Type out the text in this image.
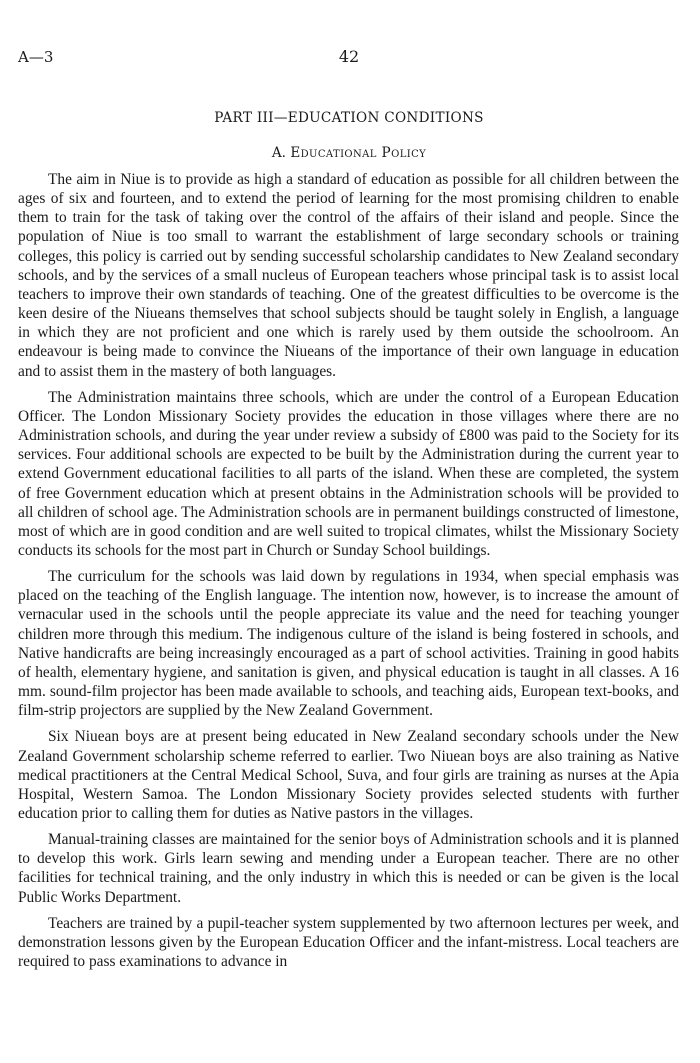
A—3	42
PART III—EDUCATION CONDITIONS
A. Educational Policy

The aim in Niue is to provide as high a standard of education as possible for all children between the ages of six and fourteen, and to extend the period of learning for the most promising children to enable them to train for the task of taking over the control of the affairs of their island and people. Since the population of Niue is too small to warrant the establishment of large secondary schools or training colleges, this policy is carried out by sending successful scholarship candidates to New Zealand secondary schools, and by the services of a small nucleus of European teachers whose principal task is to assist local teachers to improve their own standards of teaching. One of the greatest difficulties to be overcome is the keen desire of the Niueans themselves that school subjects should be taught solely in English, a language in which they are not proficient and one which is rarely used by them outside the schoolroom. An endeavour is being made to convince the Niueans of the importance of their own language in education and to assist them in the mastery of both languages.

The Administration maintains three schools, which are under the control of a European Education Officer. The London Missionary Society provides the education in those villages where there are no Administration schools, and during the year under review a subsidy of £800 was paid to the Society for its services. Four additional schools are expected to be built by the Administration during the current year to extend Government educational facilities to all parts of the island. When these are completed, the system of free Government education which at present obtains in the Administration schools will be provided to all children of school age. The Administration schools are in permanent buildings constructed of limestone, most of which are in good condition and are well suited to tropical climates, whilst the Missionary Society conducts its schools for the most part in Church or Sunday School buildings.

The curriculum for the schools was laid down by regulations in 1934, when special emphasis was placed on the teaching of the English language. The intention now, however, is to increase the amount of vernacular used in the schools until the people appreciate its value and the need for teaching younger children more through this medium. The indigenous culture of the island is being fostered in schools, and Native handicrafts are being increasingly encouraged as a part of school activities. Training in good habits of health, elementary hygiene, and sanitation is given, and physical education is taught in all classes. A 16 mm. sound-film projector has been made available to schools, and teaching aids, European text-books, and film-strip projectors are supplied by the New Zealand Government.

Six Niuean boys are at present being educated in New Zealand secondary schools under the New Zealand Government scholarship scheme referred to earlier. Two Niuean boys are also training as Native medical practitioners at the Central Medical School, Suva, and four girls are training as nurses at the Apia Hospital, Western Samoa. The London Missionary Society provides selected students with further education prior to calling them for duties as Native pastors in the villages.

Manual-training classes are maintained for the senior boys of Administration schools and it is planned to develop this work. Girls learn sewing and mending under a European teacher. There are no other facilities for technical training, and the only industry in which this is needed or can be given is the local Public Works Department.

Teachers are trained by a pupil-teacher system supplemented by two afternoon lectures per week, and demonstration lessons given by the European Education Officer and the infant-mistress. Local teachers are required to pass examinations to advance in
